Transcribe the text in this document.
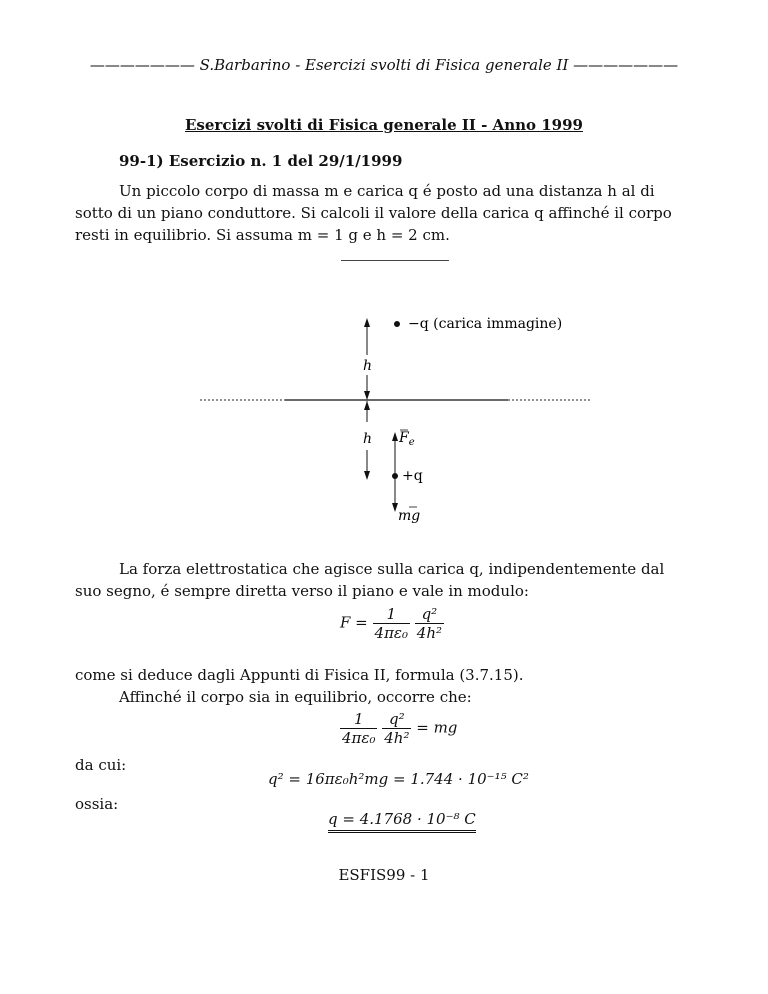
——————— S.Barbarino - Esercizi svolti di Fisica generale II ———————
Esercizi svolti di Fisica generale II - Anno 1999
99-1) Esercizio n. 1 del 29/1/1999
Un piccolo corpo di massa m e carica q é posto ad una distanza h al di sotto di un piano conduttore. Si calcoli il valore della carica q affinché il corpo resti in equilibrio. Si assuma m = 1 g e h = 2 cm.
h
h
−q (carica immagine)
$F_e$
+q
mg
La forza elettrostatica che agisce sulla carica q, indipendentemente dal suo segno, é sempre diretta verso il piano e vale in modulo:
$F = \frac{1}{\text{4πε₀}}$
$\frac{\text{q²}}{\text{4h²}}$
come si deduce dagli Appunti di Fisica II, formula (3.7.15).
Affinché il corpo sia in equilibrio, occorre che:
$\frac{1}{\text{4πε₀}}$
$\frac{\text{q²}}{\text{4h²}}$ = mg
da cui:
q² = 16πε₀h²mg = 1.744 · 10⁻¹⁵ C²
ossia:
q = 4.1768 · 10⁻⁸ C
ESFIS99 - 1
